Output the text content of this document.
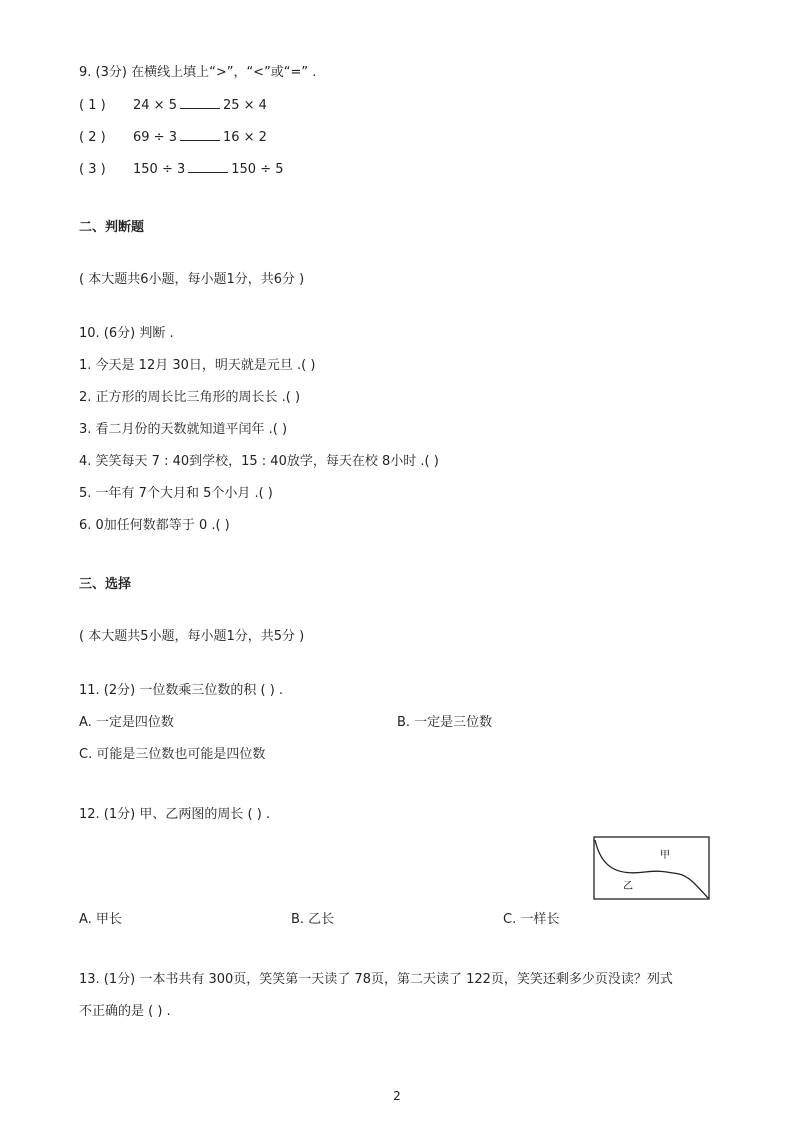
9. (3分) 在横线上填上“>”，“<”或“=” .
( 1 ) 24 × 5	25 × 4
( 2 ) 69 ÷ 3	16 × 2
( 3 ) 150 ÷ 3	150 ÷ 5
二、判断题
( 本大题共6小题，每小题1分，共6分 )
10. (6分) 判断 .
1. 今天是 12月 30日，明天就是元旦 .( )
2. 正方形的周长比三角形的周长长 .( )
3. 看二月份的天数就知道平闰年 .( )
4. 笑笑每天 7 : 40到学校，15 : 40放学，每天在校 8小时 .( )
5. 一年有 7个大月和 5个小月 .( )
6. 0加任何数都等于 0 .( )
三、选择
( 本大题共5小题，每小题1分，共5分 )
11. (2分) 一位数乘三位数的积 ( ) .
A. 一定是四位数	B. 一定是三位数
C. 可能是三位数也可能是四位数
12. (1分) 甲、乙两图的周长 ( ) .
甲
乙
A. 甲长	B. 乙长	C. 一样长
13. (1分) 一本书共有 300页，笑笑第一天读了 78页，第二天读了 122页，笑笑还剩多少页没读？列式
不正确的是 ( ) .
2
